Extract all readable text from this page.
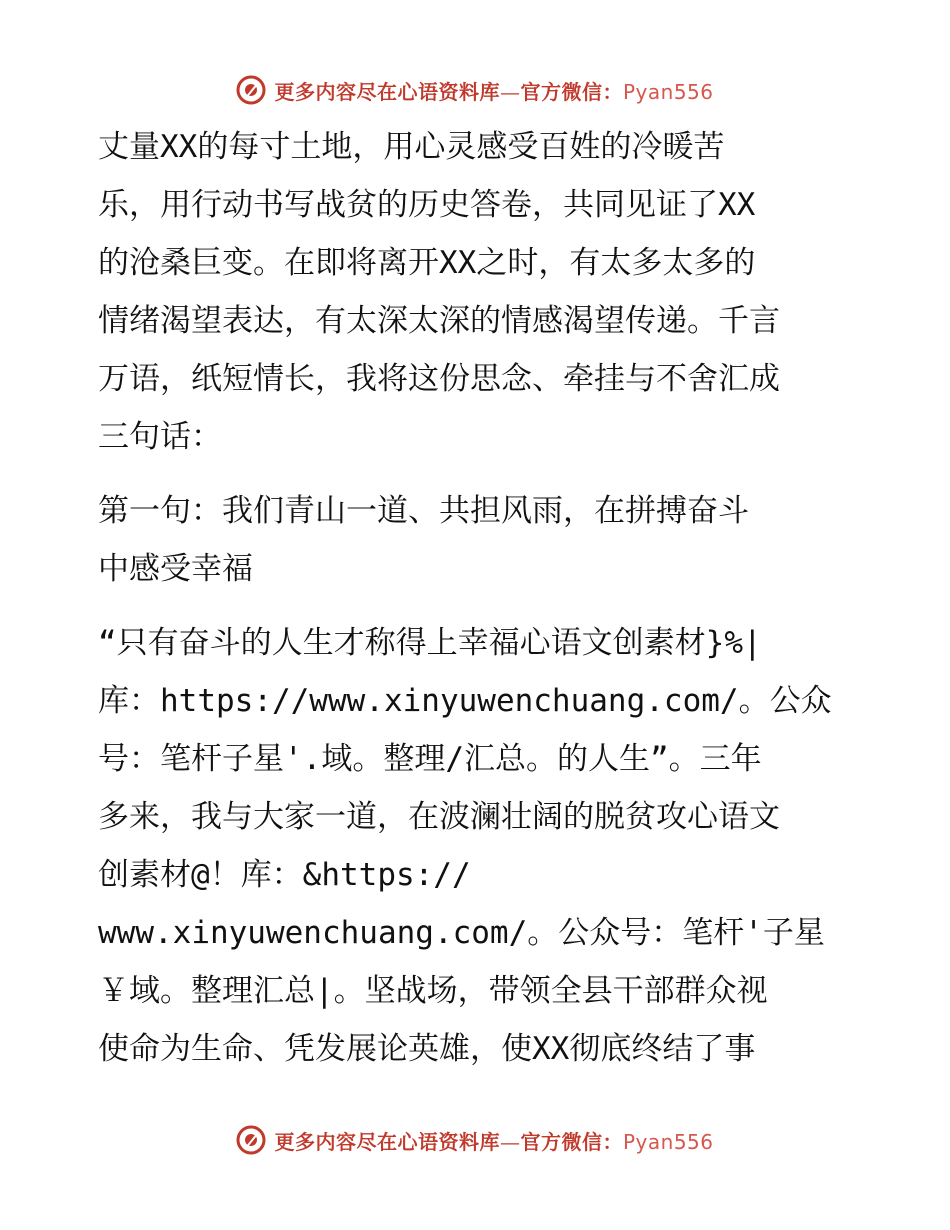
更多内容尽在心语资料库—官方微信：Pyan556
丈量XX的每寸土地，用心灵感受百姓的冷暖苦
乐，用行动书写战贫的历史答卷，共同见证了XX
的沧桑巨变。在即将离开XX之时，有太多太多的
情绪渴望表达，有太深太深的情感渴望传递。千言
万语，纸短情长，我将这份思念、牵挂与不舍汇成
三句话：
第一句：我们青山一道、共担风雨，在拼搏奋斗
中感受幸福
“只有奋斗的人生才称得上幸福心语文创素材}%|
库：https://www.xinyuwenchuang.com/。公众
号：笔杆子星'.域。整理/汇总。的人生”。三年
多来，我与大家一道，在波澜壮阔的脱贫攻心语文
创素材@！库：&https://
www.xinyuwenchuang.com/。公众号：笔杆'子星
￥域。整理汇总|。坚战场，带领全县干部群众视
使命为生命、凭发展论英雄，使XX彻底终结了事
更多内容尽在心语资料库—官方微信：Pyan556
